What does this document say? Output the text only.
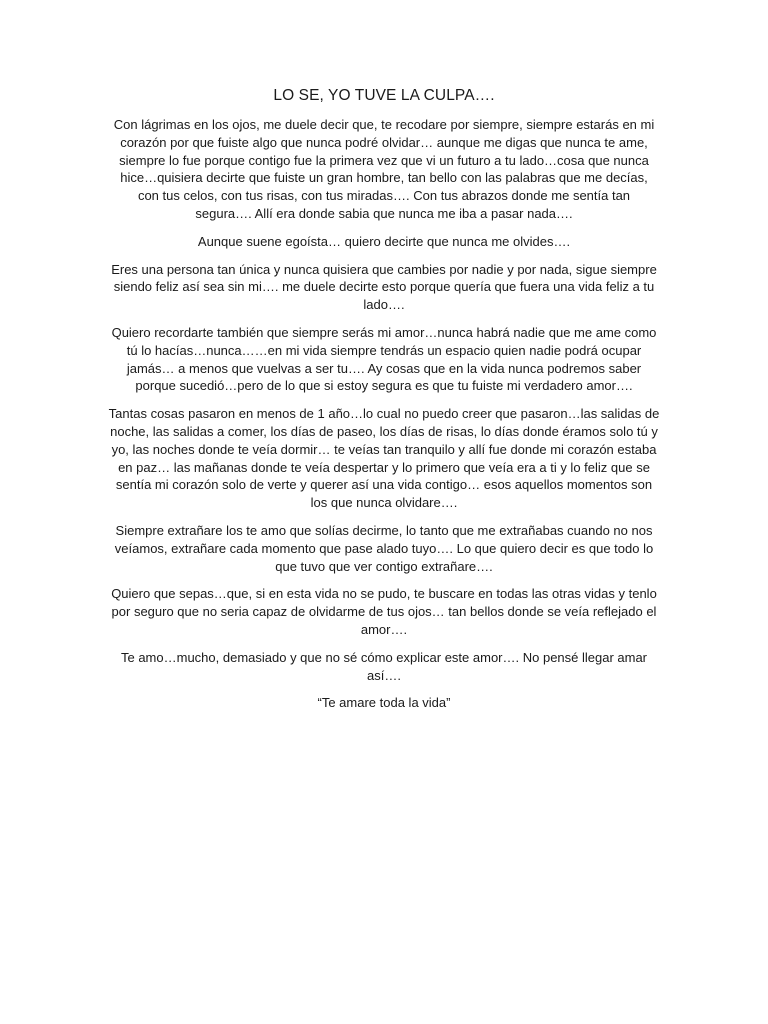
LO SE, YO TUVE LA CULPA….

Con lágrimas en los ojos, me duele decir que, te recodare por siempre, siempre estarás en mi corazón por que fuiste algo que nunca podré olvidar… aunque me digas que nunca te ame, siempre lo fue porque contigo fue la primera vez que vi un futuro a tu lado…cosa que nunca hice…quisiera decirte que fuiste un gran hombre, tan bello con las palabras que me decías, con tus celos, con tus risas, con tus miradas…. Con tus abrazos donde me sentía tan segura…. Allí era donde sabia que nunca me iba a pasar nada….

Aunque suene egoísta… quiero decirte que nunca me olvides….

Eres una persona tan única y nunca quisiera que cambies por nadie y por nada, sigue siempre siendo feliz así sea sin mi…. me duele decirte esto porque quería que fuera una vida feliz a tu lado….

Quiero recordarte también que siempre serás mi amor…nunca habrá nadie que me ame como tú lo hacías…nunca……en mi vida siempre tendrás un espacio quien nadie podrá ocupar jamás… a menos que vuelvas a ser tu…. Ay cosas que en la vida nunca podremos saber porque sucedió…pero de lo que si estoy segura es que tu fuiste mi verdadero amor….

Tantas cosas pasaron en menos de 1 año…lo cual no puedo creer que pasaron…las salidas de noche, las salidas a comer, los días de paseo, los días de risas, lo días donde éramos solo tú y yo, las noches donde te veía dormir… te veías tan tranquilo y allí fue donde mi corazón estaba en paz… las mañanas donde te veía despertar y lo primero que veía era a ti y lo feliz que se sentía mi corazón solo de verte y querer así una vida contigo… esos aquellos momentos son los que nunca olvidare….

Siempre extrañare los te amo que solías decirme, lo tanto que me extrañabas cuando no nos veíamos, extrañare cada momento que pase alado tuyo…. Lo que quiero decir es que todo lo que tuvo que ver contigo extrañare….

Quiero que sepas…que, si en esta vida no se pudo, te buscare en todas las otras vidas y tenlo por seguro que no seria capaz de olvidarme de tus ojos… tan bellos donde se veía reflejado el amor….

Te amo…mucho, demasiado y que no sé cómo explicar este amor…. No pensé llegar amar así….

“Te amare toda la vida”
